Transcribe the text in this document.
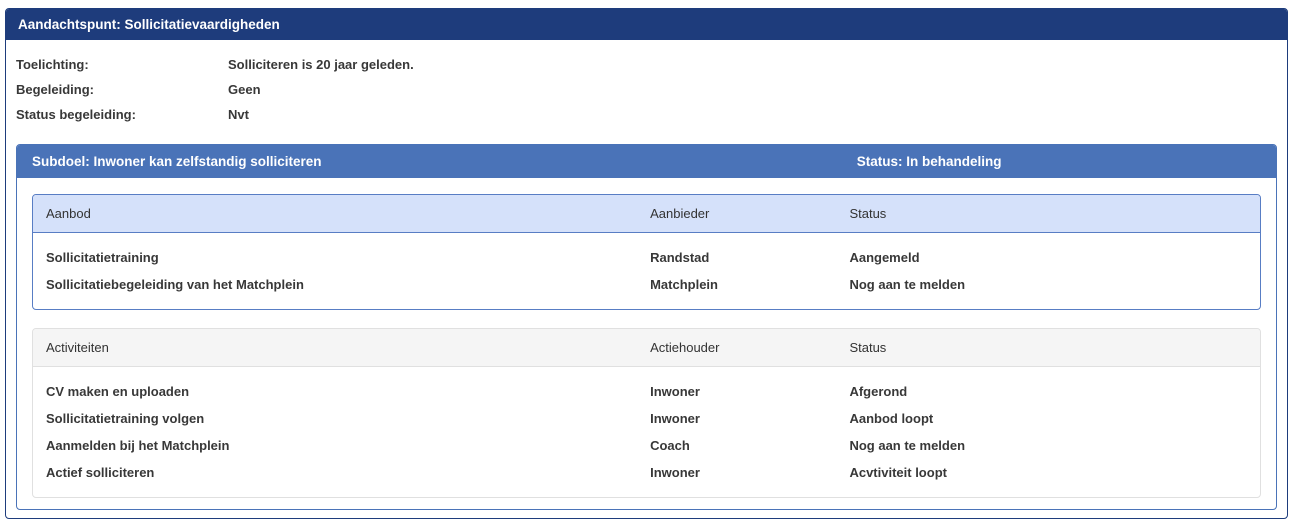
Aandachtspunt: Sollicitatievaardigheden
Toelichting:	Solliciteren is 20 jaar geleden.
Begeleiding:	Geen
Status begeleiding:	Nvt
Subdoel: Inwoner kan zelfstandig solliciteren	Status: In behandeling
Aanbod	Aanbieder	Status
Sollicitatietraining	Randstad	Aangemeld
Sollicitatiebegeleiding van het Matchplein	Matchplein	Nog aan te melden
Activiteiten	Actiehouder	Status
CV maken en uploaden	Inwoner	Afgerond
Sollicitatietraining volgen	Inwoner	Aanbod loopt
Aanmelden bij het Matchplein	Coach	Nog aan te melden
Actief solliciteren	Inwoner	Acvtiviteit loopt
